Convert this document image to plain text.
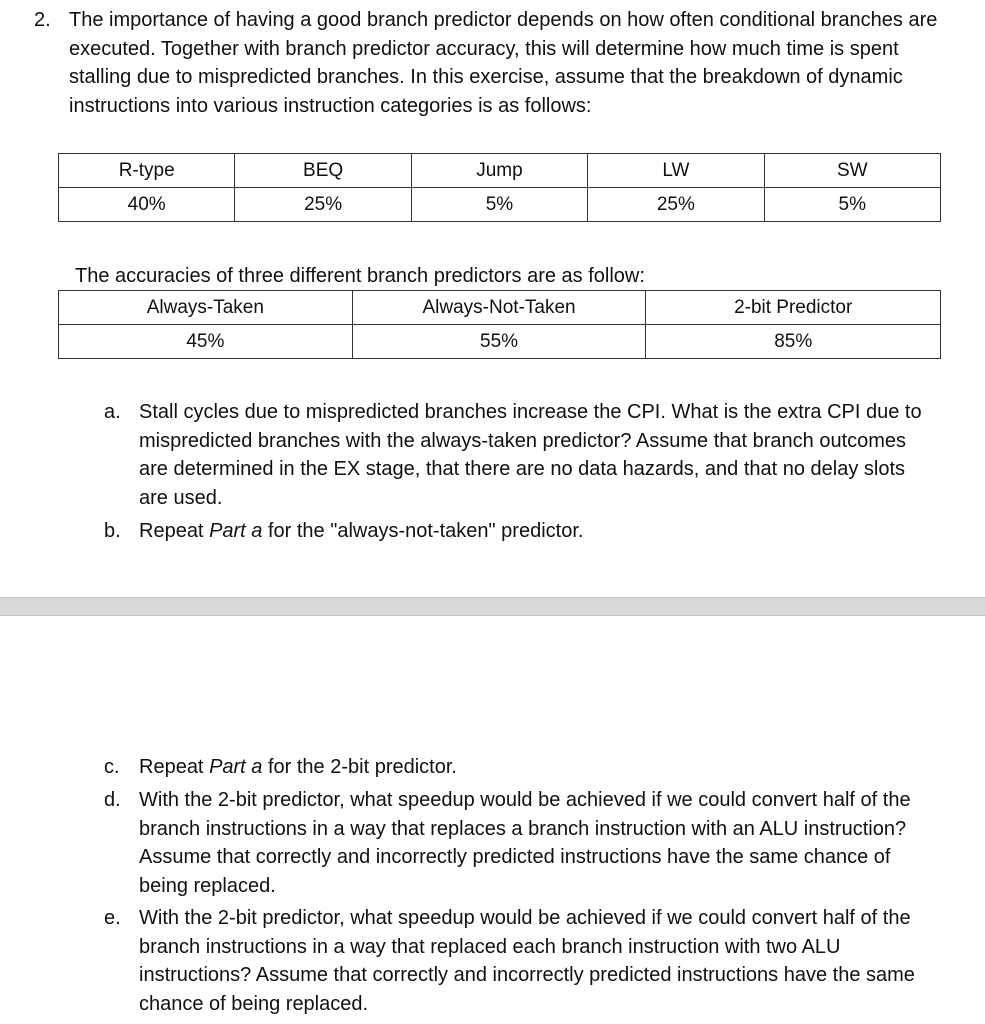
2. The importance of having a good branch predictor depends on how often conditional branches are executed. Together with branch predictor accuracy, this will determine how much time is spent stalling due to mispredicted branches. In this exercise, assume that the breakdown of dynamic instructions into various instruction categories is as follows:

R-type	BEQ	Jump	LW	SW
40%	25%	5%	25%	5%

The accuracies of three different branch predictors are as follow:

Always-Taken	Always-Not-Taken	2-bit Predictor
45%	55%	85%
a. Stall cycles due to mispredicted branches increase the CPI. What is the extra CPI due to mispredicted branches with the always-taken predictor? Assume that branch outcomes are determined in the EX stage, that there are no data hazards, and that no delay slots are used.

b. Repeat Part a for the "always-not-taken" predictor.
c. Repeat Part a for the 2-bit predictor.
d. With the 2-bit predictor, what speedup would be achieved if we could convert half of the branch instructions in a way that replaces a branch instruction with an ALU instruction? Assume that correctly and incorrectly predicted instructions have the same chance of being replaced.

e. With the 2-bit predictor, what speedup would be achieved if we could convert half of the branch instructions in a way that replaced each branch instruction with two ALU instructions? Assume that correctly and incorrectly predicted instructions have the same chance of being replaced.
